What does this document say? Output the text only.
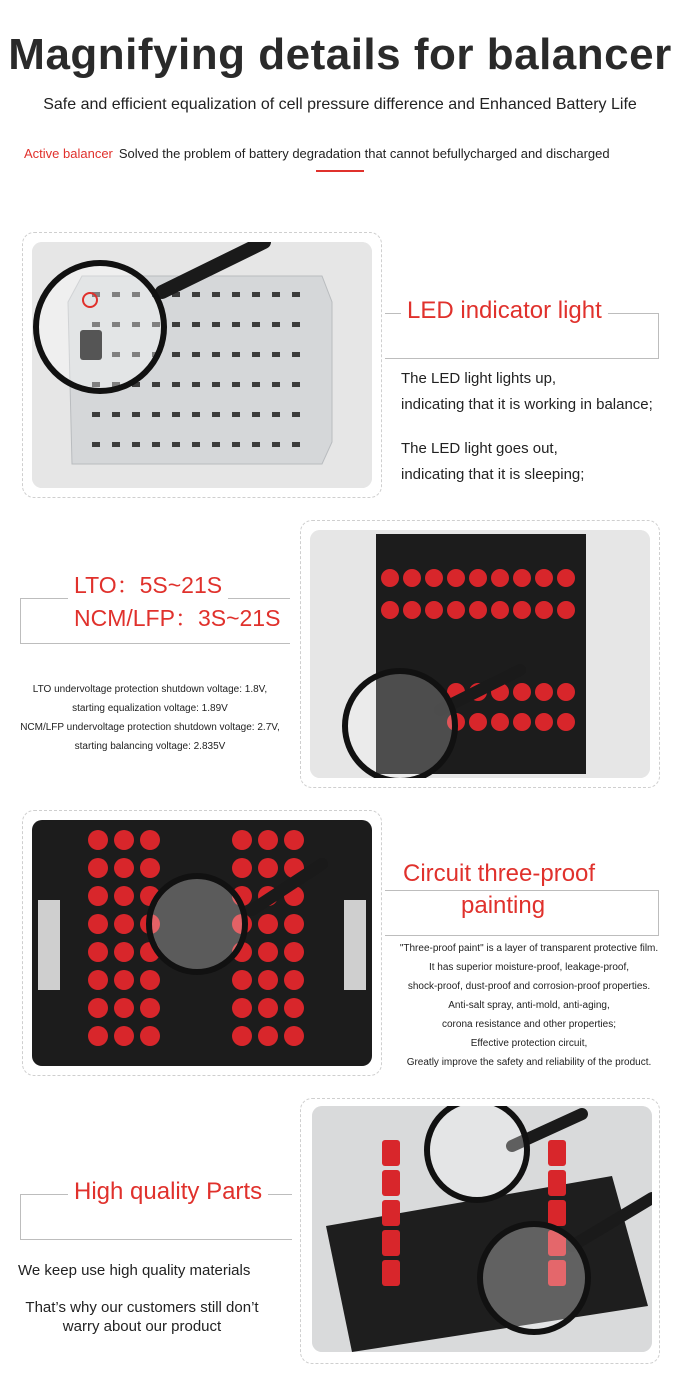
Magnifying details for balancer
Safe and efficient equalization of cell pressure difference and Enhanced Battery Life
Active balancer Solved the problem of battery degradation that cannot befullycharged and discharged
LED indicator light
The LED light lights up,
indicating that it is working in balance;
The LED light goes out,
indicating that it is sleeping;
LTO：5S~21S
NCM/LFP：3S~21S
LTO undervoltage protection shutdown voltage: 1.8V,
starting equalization voltage: 1.89V
NCM/LFP undervoltage protection shutdown voltage: 2.7V,
starting balancing voltage: 2.835V
Circuit three-proof
painting
"Three-proof paint" is a layer of transparent protective film.
It has superior moisture-proof, leakage-proof,
shock-proof, dust-proof and corrosion-proof properties.
Anti-salt spray, anti-mold, anti-aging,
corona resistance and other properties;
Effective protection circuit,
Greatly improve the safety and reliability of the product.
High quality Parts
We keep use high quality materials
That’s why our customers still don’t
warry about our product
